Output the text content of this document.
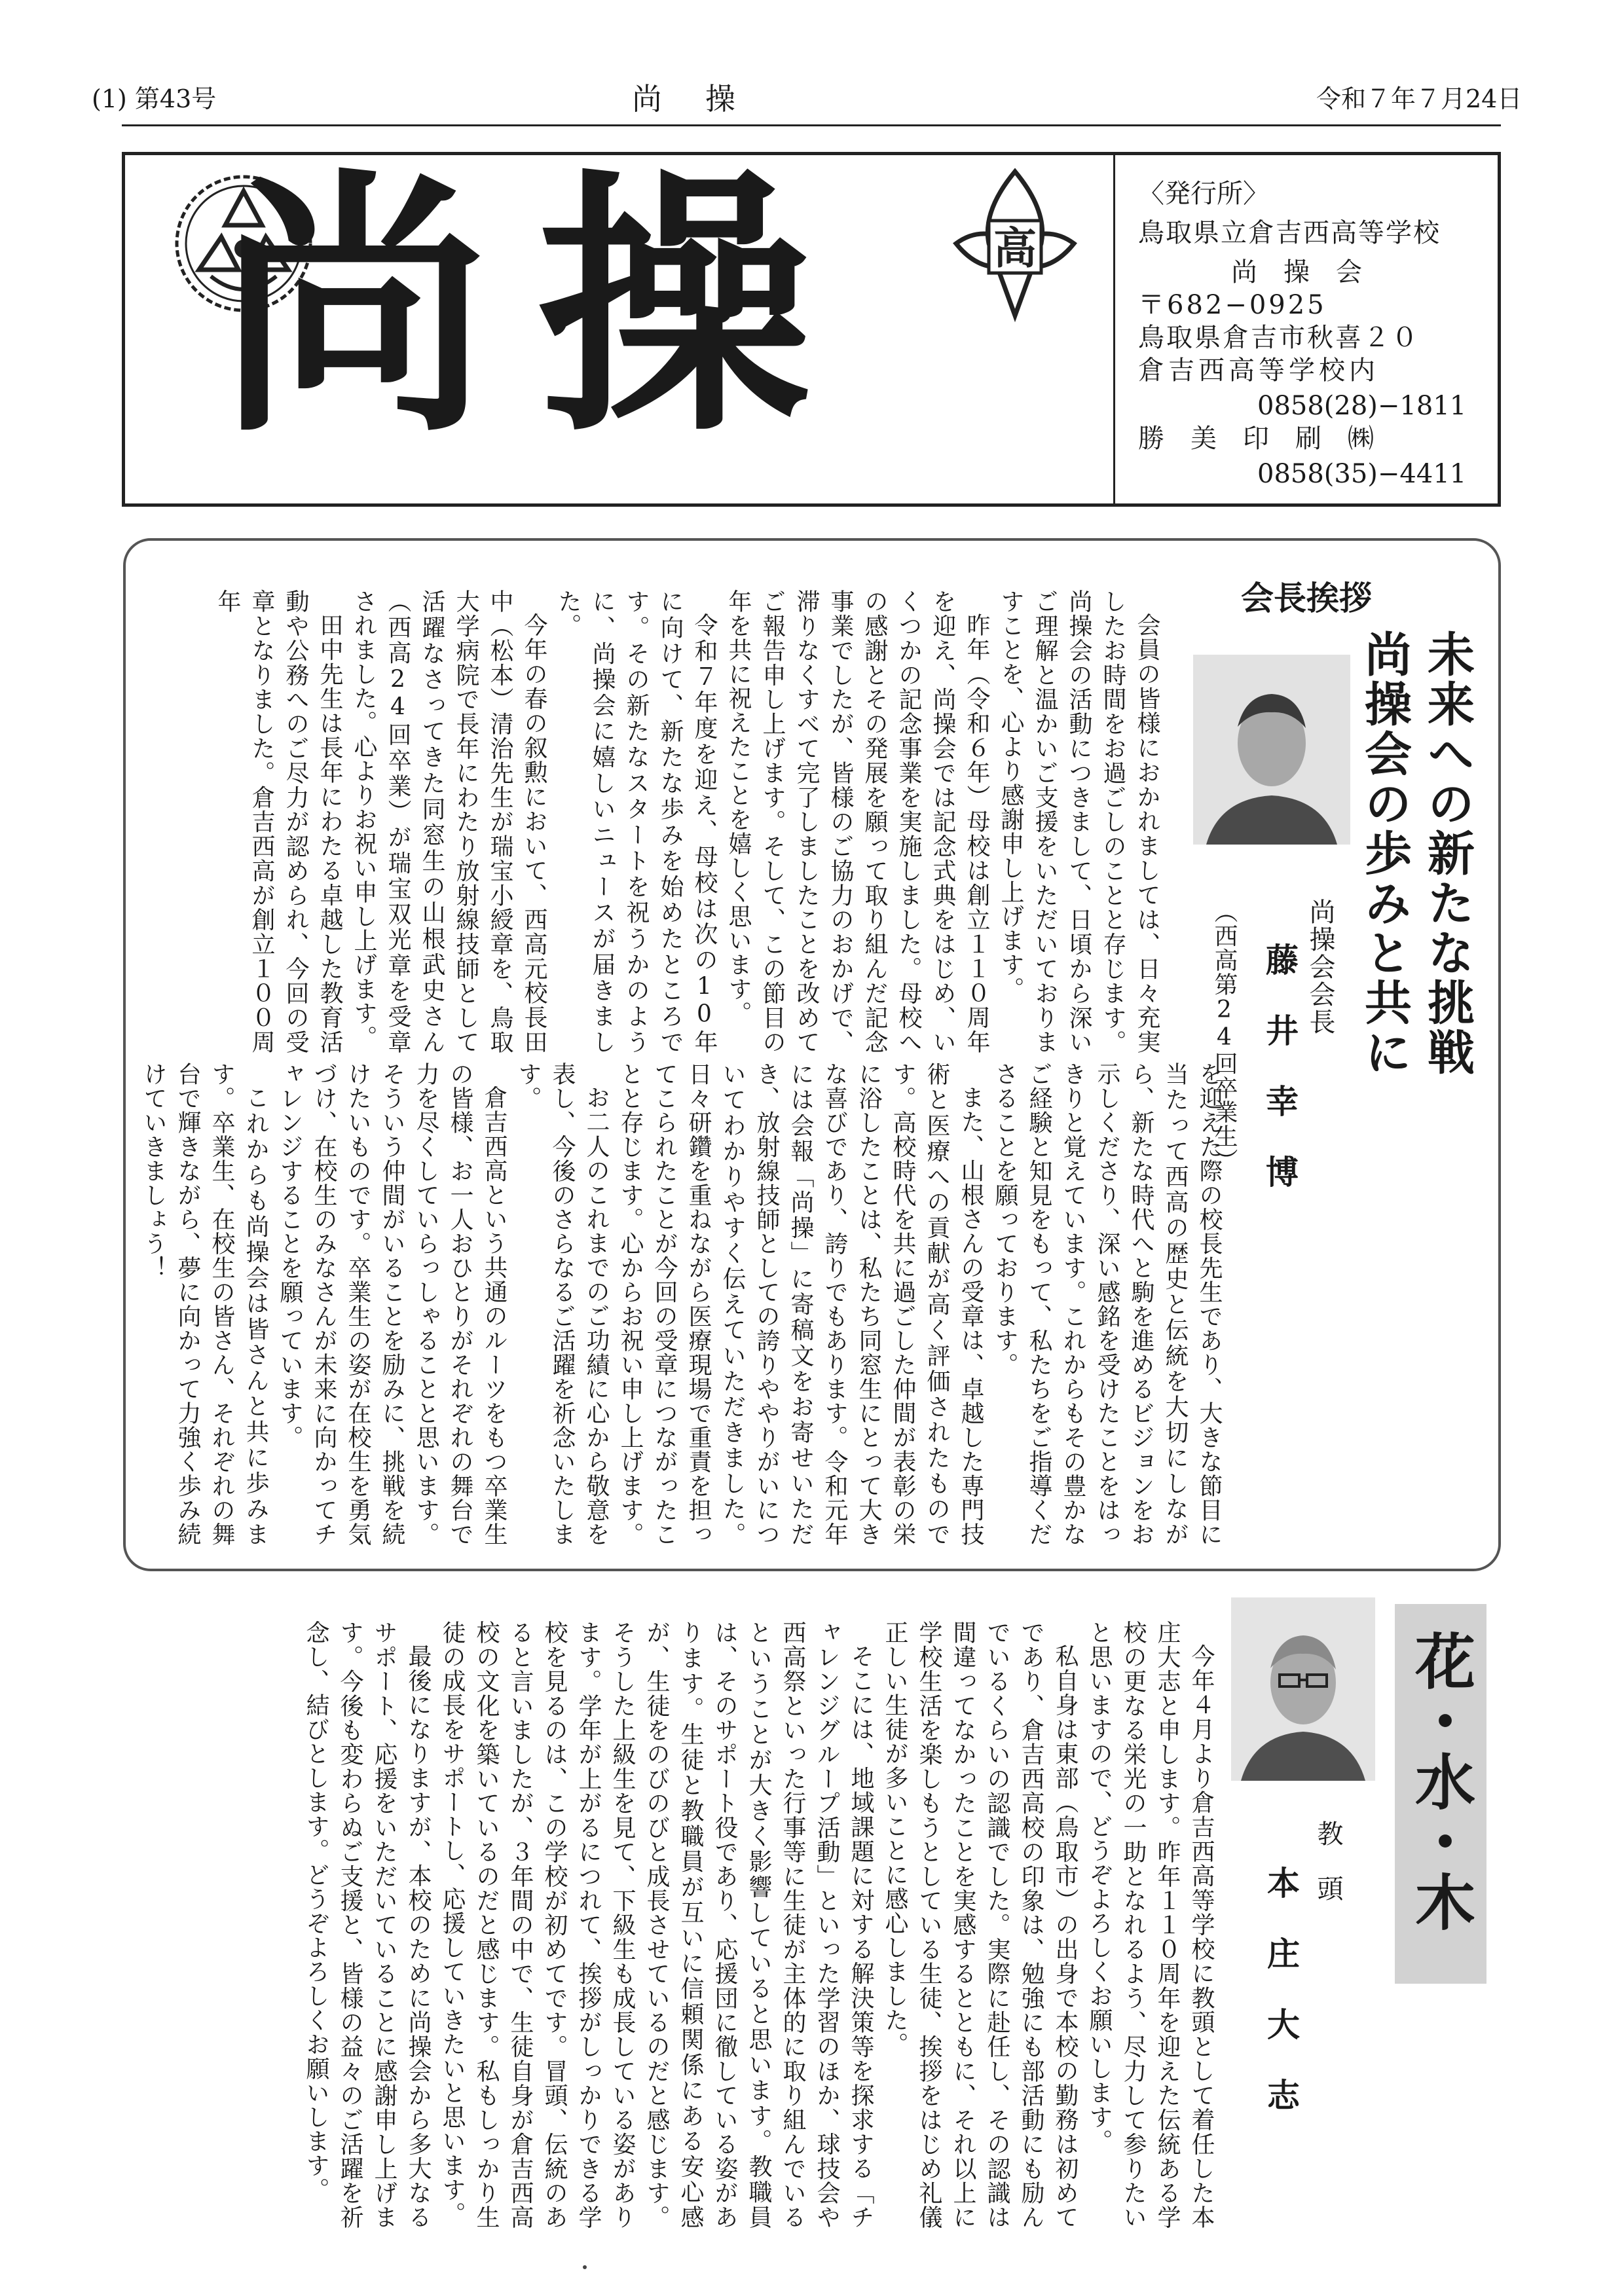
(1) 第43号	尚　操	令和７年７月24日
尚操	高
〈発行所〉
鳥取県立倉吉西高等学校
尚　操　会
〒682−0925
鳥取県倉吉市秋喜２０
倉吉西高等学校内
0858(28)−1811
勝　美　印　刷　㈱
0858(35)−4411
会長挨拶
未来への新たな挑戦
尚操会の歩みと共に
尚操会会長
藤　井　幸　博
（西高第24回卒業生）

会員の皆様におかれましては、日々充実したお時間をお過ごしのことと存じます。尚操会の活動につきまして、日頃から深いご理解と温かいご支援をいただいておりますことを、心より感謝申し上げます。

昨年（令和６年）母校は創立１１０周年を迎え、尚操会では記念式典をはじめ、いくつかの記念事業を実施しました。母校への感謝とその発展を願って取り組んだ記念事業でしたが、皆様のご協力のおかげで、滞りなくすべて完了しましたことを改めてご報告申し上げます。そして、この節目の年を共に祝えたことを嬉しく思います。

令和７年度を迎え、母校は次の10年に向けて、新たな歩みを始めたところです。その新たなスタートを祝うかのように、尚操会に嬉しいニュースが届きました。

今年の春の叙勲において、西高元校長田中（松本）清治先生が瑞宝小綬章を、鳥取大学病院で長年にわたり放射線技師として活躍なさってきた同窓生の山根武史さん（西高24回卒業）が瑞宝双光章を受章されました。心よりお祝い申し上げます。

田中先生は長年にわたる卓越した教育活動や公務へのご尽力が認められ、今回の受章となりました。倉吉西高が創立１００周年

を迎えた際の校長先生であり、大きな節目に当たって西高の歴史と伝統を大切にしながら、新たな時代へと駒を進めるビジョンをお示しくださり、深い感銘を受けたことをはっきりと覚えています。これからもその豊かなご経験と知見をもって、私たちをご指導くださることを願っております。

また、山根さんの受章は、卓越した専門技術と医療への貢献が高く評価されたものです。高校時代を共に過ごした仲間が表彰の栄に浴したことは、私たち同窓生にとって大きな喜びであり、誇りでもあります。令和元年には会報「尚操」に寄稿文をお寄せいただき、放射線技師としての誇りややりがいについてわかりやすく伝えていただきました。日々研鑽を重ねながら医療現場で重責を担ってこられたことが今回の受章につながったことと存じます。心からお祝い申し上げます。

お二人のこれまでのご功績に心から敬意を表し、今後のさらなるご活躍を祈念いたします。

倉吉西高という共通のルーツをもつ卒業生の皆様、お一人おひとりがそれぞれの舞台で力を尽くしていらっしゃることと思います。そういう仲間がいることを励みに、挑戦を続けたいものです。卒業生の姿が在校生を勇気づけ、在校生のみなさんが未来に向かってチャレンジすることを願っています。

これからも尚操会は皆さんと共に歩みます。卒業生、在校生の皆さん、それぞれの舞台で輝きながら、夢に向かって力強く歩み続けていきましょう！

花・水・木
教　頭
本　庄　大　志

今年４月より倉吉西高等学校に教頭として着任した本庄大志と申します。昨年１１０周年を迎えた伝統ある学校の更なる栄光の一助となれるよう、尽力して参りたいと思いますので、どうぞよろしくお願いします。

私自身は東部（鳥取市）の出身で本校の勤務は初めてであり、倉吉西高校の印象は、勉強にも部活動にも励んでいるくらいの認識でした。実際に赴任し、その認識は間違ってなかったことを実感するとともに、それ以上に学校生活を楽しもうとしている生徒、挨拶をはじめ礼儀正しい生徒が多いことに感心しました。

そこには、地域課題に対する解決策等を探求する「チャレンジグループ活動」といった学習のほか、球技会や西高祭といった行事等に生徒が主体的に取り組んでいるということが大きく影響していると思います。教職員は、そのサポート役であり、応援団に徹している姿があります。生徒と教職員が互いに信頼関係にある安心感が、生徒をのびのびと成長させているのだと感じます。そうした上級生を見て、下級生も成長している姿があります。学年が上がるにつれて、挨拶がしっかりできる学校を見るのは、この学校が初めてです。冒頭、伝統のあると言いましたが、３年間の中で、生徒自身が倉吉西高校の文化を築いているのだと感じます。私もしっかり生徒の成長をサポートし、応援していきたいと思います。

最後になりますが、本校のために尚操会から多大なるサポート、応援をいただいていることに感謝申し上げます。今後も変わらぬご支援と、皆様の益々のご活躍を祈念し、結びとします。どうぞよろしくお願いします。
